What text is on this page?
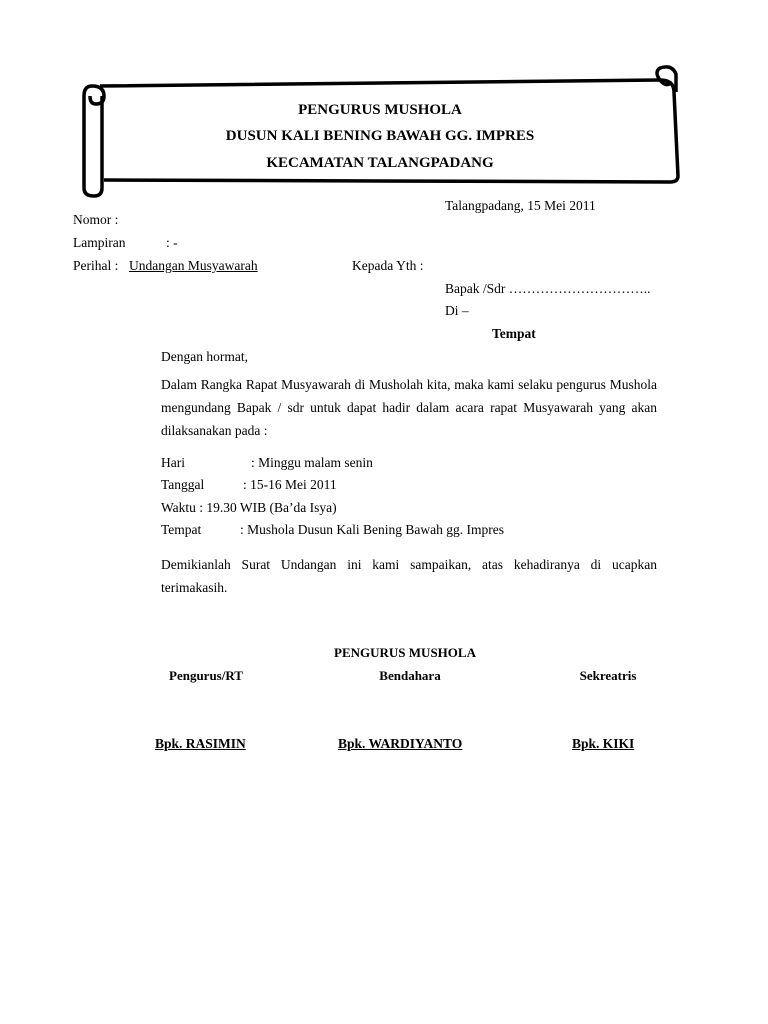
PENGURUS MUSHOLA
DUSUN KALI BENING BAWAH GG. IMPRES
KECAMATAN TALANGPADANG
Talangpadang, 15 Mei 2011
Nomor :
Lampiran	: -
Perihal : Undangan Musyawarah	Kepada Yth :
Bapak /Sdr …………………………..
Di –
Tempat
Dengan hormat,
Dalam Rangka Rapat Musyawarah di Musholah kita, maka kami selaku pengurus Mushola mengundang Bapak / sdr untuk dapat hadir dalam acara rapat Musyawarah yang akan dilaksanakan pada :
Hari	: Minggu malam senin
Tanggal	: 15-16 Mei 2011
Waktu : 19.30 WIB (Ba’da Isya)
Tempat	: Mushola Dusun Kali Bening Bawah gg. Impres
Demikianlah Surat Undangan ini kami sampaikan, atas kehadiranya di ucapkan terimakasih.
PENGURUS MUSHOLA
Pengurus/RT	Bendahara	Sekreatris
Bpk. RASIMIN	Bpk. WARDIYANTO	Bpk. KIKI
